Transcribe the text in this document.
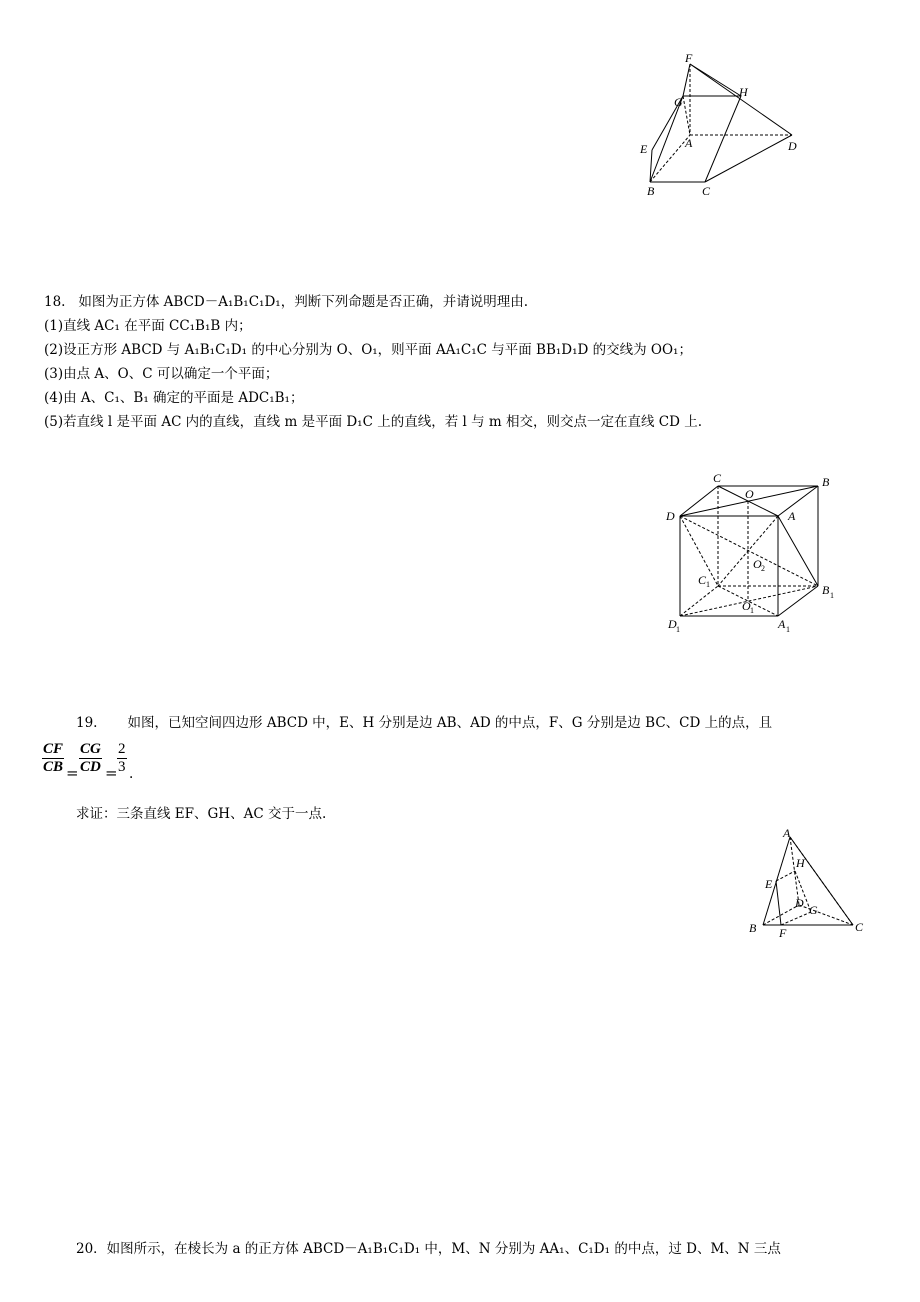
F
G
H
A
E	D
B	C
18. 如图为正方体 ABCD－A₁B₁C₁D₁，判断下列命题是否正确，并请说明理由.
(1)直线 AC₁ 在平面 CC₁B₁B 内；
(2)设正方形 ABCD 与 A₁B₁C₁D₁ 的中心分别为 O、O₁，则平面 AA₁C₁C 与平面 BB₁D₁D 的交线为 OO₁；
(3)由点 A、O、C 可以确定一个平面；
(4)由 A、C₁、B₁ 确定的平面是 ADC₁B₁；
(5)若直线 l 是平面 AC 内的直线，直线 m 是平面 D₁C 上的直线，若 l 与 m 相交，则交点一定在直线 CD 上.
C
O
B
D	A
O 2
C 1	B 1
O 1
D 1	A 1
19. 如图，已知空间四边形 ABCD 中，E、H 分别是边 AB、AD 的中点，F、G 分别是边 BC、CD 上的点，且
$\frac{CF}{CB} = \frac{CG}{CD} = \frac{2}{3}$ .
求证：三条直线 EF、GH、AC 交于一点.
A
H
E
D G
B F	C
20．如图所示，在棱长为 a 的正方体 ABCD－A₁B₁C₁D₁ 中，M、N 分别为 AA₁、C₁D₁ 的中点，过 D、M、N 三点
